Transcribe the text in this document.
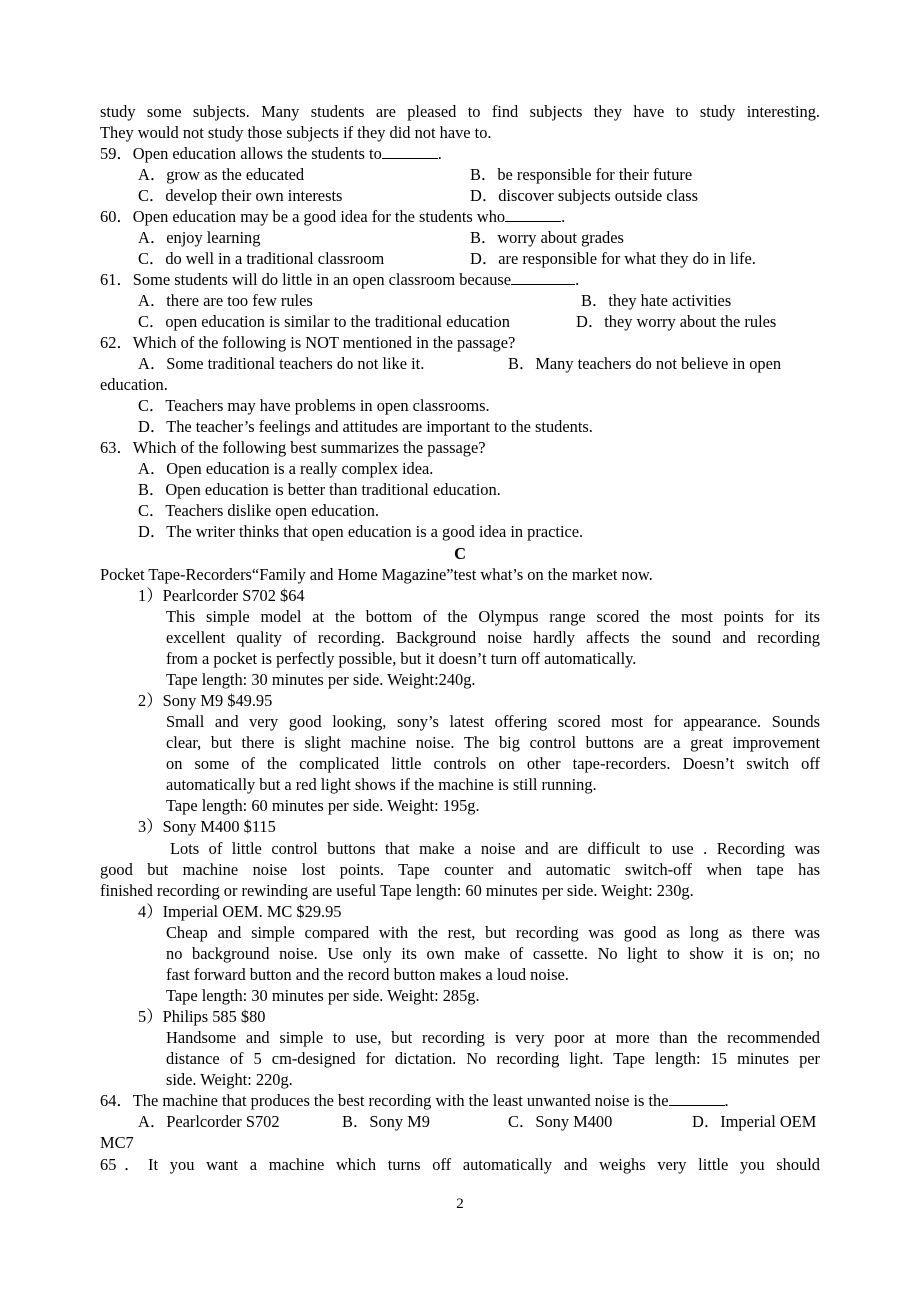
study some subjects. Many students are pleased to find subjects they have to study interesting.
They would not study those subjects if they did not have to.
59．Open education allows the students to	.
A．grow as the educated	B．be responsible for their future
C．develop their own interests	D．discover subjects outside class
60．Open education may be a good idea for the students who	.
A．enjoy learning	B．worry about grades
C．do well in a traditional classroom	D．are responsible for what they do in life.
61．Some students will do little in an open classroom because	.
A．there are too few rules	B．they hate activities
C．open education is similar to the traditional education	D．they worry about the rules
62．Which of the following is NOT mentioned in the passage?
A．Some traditional teachers do not like it.	B．Many teachers do not believe in open
education.
C．Teachers may have problems in open classrooms.
D．The teacher’s feelings and attitudes are important to the students.
63．Which of the following best summarizes the passage?
A．Open education is a really complex idea.
B．Open education is better than traditional education.
C．Teachers dislike open education.
D．The writer thinks that open education is a good idea in practice.
C
Pocket Tape-Recorders“Family and Home Magazine”test what’s on the market now.
1）Pearlcorder S702 $64
This simple model at the bottom of the Olympus range scored the most points for its
excellent quality of recording. Background noise hardly affects the sound and recording
from a pocket is perfectly possible, but it doesn’t turn off automatically.
Tape length: 30 minutes per side. Weight:240g.
2）Sony M9 $49.95
Small and very good looking, sony’s latest offering scored most for appearance. Sounds
clear, but there is slight machine noise. The big control buttons are a great improvement
on some of the complicated little controls on other tape-recorders. Doesn’t switch off
automatically but a red light shows if the machine is still running.
Tape length: 60 minutes per side. Weight: 195g.
3）Sony M400 $115
Lots of little control buttons that make a noise and are difficult to use . Recording was
good but machine noise lost points. Tape counter and automatic switch-off when tape has
finished recording or rewinding are useful Tape length: 60 minutes per side. Weight: 230g.
4）Imperial OEM. MC $29.95
Cheap and simple compared with the rest, but recording was good as long as there was
no background noise. Use only its own make of cassette. No light to show it is on; no
fast forward button and the record button makes a loud noise.
Tape length: 30 minutes per side. Weight: 285g.
5）Philips 585 $80
Handsome and simple to use, but recording is very poor at more than the recommended
distance of 5 cm-designed for dictation. No recording light. Tape length: 15 minutes per
side. Weight: 220g.
64．The machine that produces the best recording with the least unwanted noise is the	.
A．Pearlcorder S702	B．Sony M9	C．Sony M400	D．Imperial OEM
MC7
65．It you want a machine which turns off automatically and weighs very little you should
2
